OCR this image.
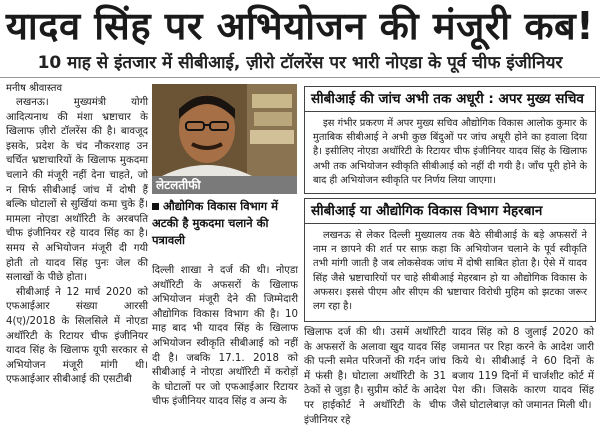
यादव सिंह पर अभियोजन की मंजूरी कब!
10 माह से इंतजार में सीबीआई, ज़ीरो टॉलरेंस पर भारी नोएडा के पूर्व चीफ इंजीनियर
मनीष श्रीवास्तव

लखनऊ। मुख्यमंत्री योगी आदित्यनाथ की मंशा भ्रष्टाचार के खिलाफ ज़ीरो टॉलरेंस की है। बावजूद इसके, प्रदेश के चंद नौकरशाह उन चर्चित भ्रष्टाचारियों के खिलाफ मुकदमा चलाने की मंजूरी नहीं देना चाहते, जो न सिर्फ सीबीआई जांच में दोषी हैं बल्कि घोटालों से सुर्खियां कमा चुके हैं। मामला नोएडा अथॉरिटी के अरबपति चीफ इंजीनियर रहे यादव सिंह का है। समय से अभियोजन मंजूरी दी गयी होती तो यादव सिंह पुनः जेल की सलाखों के पीछे होता।

सीबीआई ने 12 मार्च 2020 को एफआईआर संख्या आरसी 4(ए)/2018 के सिलसिले में नोएडा अथॉरिटी के रिटायर चीफ इंजीनियर यादव सिंह के खिलाफ यूपी सरकार से अभियोजन मंजूरी मांगी थी। एफआईआर सीबीआई की एसटीबी

लेटलतीफी
औद्योगिक विकास विभाग में अटकी है मुकदमा चलाने की पत्रावली

दिल्ली शाखा ने दर्ज की थी। नोएडा अथॉरिटी के अफसरों के खिलाफ अभियोजन मंजूरी देने की जिम्मेदारी औद्योगिक विकास विभाग की है। 10 माह बाद भी यादव सिंह के खिलाफ अभियोजन स्वीकृति सीबीआई को नहीं दी है। जबकि 17.1. 2018 को सीबीआई ने नोएडा अथॉरिटी में करोड़ों के घोटालों पर जो एफआईआर रिटायर चीफ इंजीनियर यादव सिंह व अन्य के

सीबीआई की जांच अभी तक अधूरी : अपर मुख्य सचिव

इस गंभीर प्रकरण में अपर मुख्य सचिव औद्योगिक विकास आलोक कुमार के मुताबिक सीबीआई ने अभी कुछ बिंदुओं पर जांच अधूरी होने का हवाला दिया है। इसीलिए नोएडा अथॉरिटी के रिटायर चीफ इंजीनियर यादव सिंह के खिलाफ अभी तक अभियोजन स्वीकृति सीबीआई को नहीं दी गयी है। जाँच पूरी होने के बाद ही अभियोजन स्वीकृति पर निर्णय लिया जाएगा।

सीबीआई या औद्योगिक विकास विभाग मेहरबान

लखनऊ से लेकर दिल्ली मुख्यालय तक बैठे सीबीआई के बड़े अफसरों ने नाम न छापने की शर्त पर साफ़ कहा कि अभियोजन चलाने के पूर्व स्वीकृति तभी मांगी जाती है जब लोकसेवक जांच में दोषी साबित होता है। ऐसे में यादव सिंह जैसे भ्रष्टाचारियों पर चाहे सीबीआई मेहरबान हो या औद्योगिक विकास के अफसर। इससे पीएम और सीएम की भ्रष्टाचार विरोधी मुहिम को झटका जरूर लग रहा है।

खिलाफ दर्ज की थी। उसमें अथॉरिटी के अफसरों के अलावा खुद यादव सिंह की पत्नी समेत परिजनों की गर्दन जांच में फंसी है। घोटाला अथॉरिटी के 31 ठेकों से जुड़ा है। सुप्रीम कोर्ट के आदेश पर हाईकोर्ट ने अथॉरिटी के चीफ इंजीनियर रहे

यादव सिंह को 8 जुलाई 2020 को जमानत पर रिहा करने के आदेश जारी किये थे। सीबीआई ने 60 दिनों के बजाय 119 दिनों में चार्जशीट कोर्ट में पेश की। जिसके कारण यादव सिंह जैसे घोटालेबाज़ को जमानत मिली थी।
